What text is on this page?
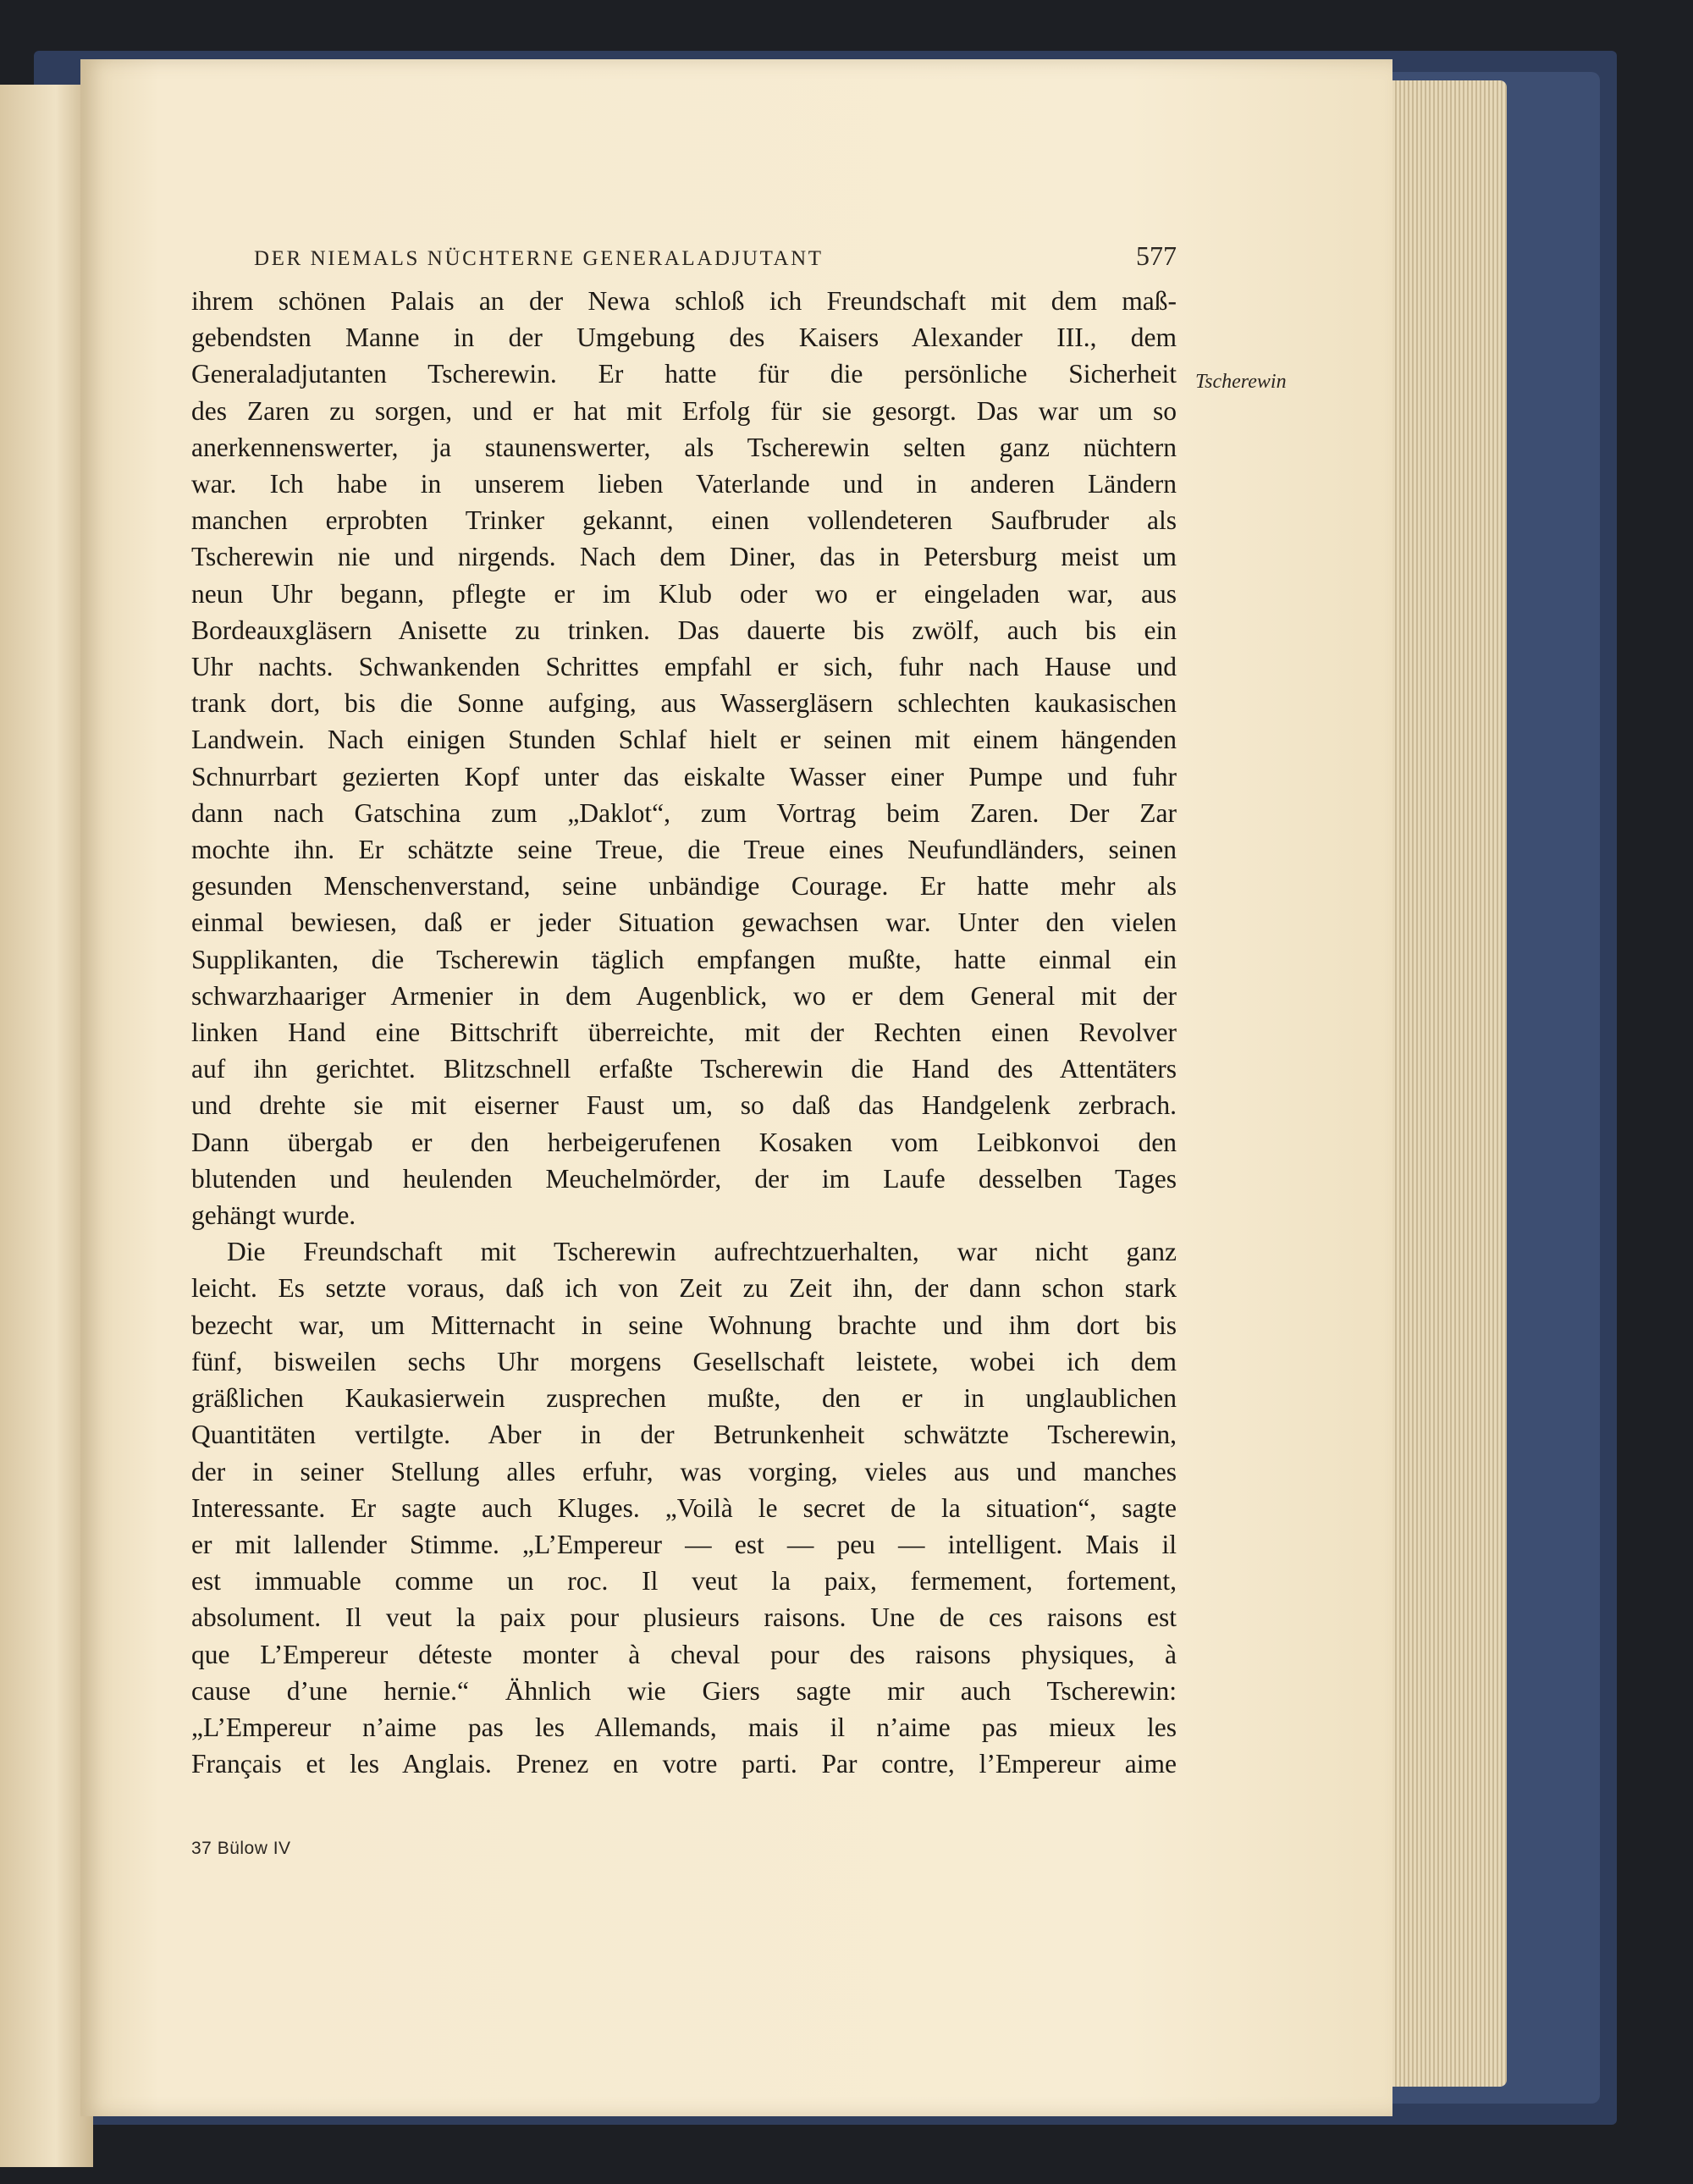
DER NIEMALS NÜCHTERNE GENERALADJUTANT	577
Tscherewin
ihrem schönen Palais an der Newa schloß ich Freundschaft mit dem maß-
gebendsten Manne in der Umgebung des Kaisers Alexander III., dem
Generaladjutanten Tscherewin. Er hatte für die persönliche Sicherheit
des Zaren zu sorgen, und er hat mit Erfolg für sie gesorgt. Das war um so
anerkennenswerter, ja staunenswerter, als Tscherewin selten ganz nüchtern
war. Ich habe in unserem lieben Vaterlande und in anderen Ländern
manchen erprobten Trinker gekannt, einen vollendeteren Saufbruder als
Tscherewin nie und nirgends. Nach dem Diner, das in Petersburg meist um
neun Uhr begann, pflegte er im Klub oder wo er eingeladen war, aus
Bordeauxgläsern Anisette zu trinken. Das dauerte bis zwölf, auch bis ein
Uhr nachts. Schwankenden Schrittes empfahl er sich, fuhr nach Hause und
trank dort, bis die Sonne aufging, aus Wassergläsern schlechten kaukasischen
Landwein. Nach einigen Stunden Schlaf hielt er seinen mit einem hängenden
Schnurrbart gezierten Kopf unter das eiskalte Wasser einer Pumpe und fuhr
dann nach Gatschina zum „Daklot“, zum Vortrag beim Zaren. Der Zar
mochte ihn. Er schätzte seine Treue, die Treue eines Neufundländers, seinen
gesunden Menschenverstand, seine unbändige Courage. Er hatte mehr als
einmal bewiesen, daß er jeder Situation gewachsen war. Unter den vielen
Supplikanten, die Tscherewin täglich empfangen mußte, hatte einmal ein
schwarzhaariger Armenier in dem Augenblick, wo er dem General mit der
linken Hand eine Bittschrift überreichte, mit der Rechten einen Revolver
auf ihn gerichtet. Blitzschnell erfaßte Tscherewin die Hand des Attentäters
und drehte sie mit eiserner Faust um, so daß das Handgelenk zerbrach.
Dann übergab er den herbeigerufenen Kosaken vom Leibkonvoi den
blutenden und heulenden Meuchelmörder, der im Laufe desselben Tages
gehängt wurde.
Die Freundschaft mit Tscherewin aufrechtzuerhalten, war nicht ganz
leicht. Es setzte voraus, daß ich von Zeit zu Zeit ihn, der dann schon stark
bezecht war, um Mitternacht in seine Wohnung brachte und ihm dort bis
fünf, bisweilen sechs Uhr morgens Gesellschaft leistete, wobei ich dem
gräßlichen Kaukasierwein zusprechen mußte, den er in unglaublichen
Quantitäten vertilgte. Aber in der Betrunkenheit schwätzte Tscherewin,
der in seiner Stellung alles erfuhr, was vorging, vieles aus und manches
Interessante. Er sagte auch Kluges. „Voilà le secret de la situation“, sagte
er mit lallender Stimme. „L’Empereur — est — peu — intelligent. Mais il
est immuable comme un roc. Il veut la paix, fermement, fortement,
absolument. Il veut la paix pour plusieurs raisons. Une de ces raisons est
que L’Empereur déteste monter à cheval pour des raisons physiques, à
cause d’une hernie.“ Ähnlich wie Giers sagte mir auch Tscherewin:
„L’Empereur n’aime pas les Allemands, mais il n’aime pas mieux les
Français et les Anglais. Prenez en votre parti. Par contre, l’Empereur aime
37 Bülow IV
